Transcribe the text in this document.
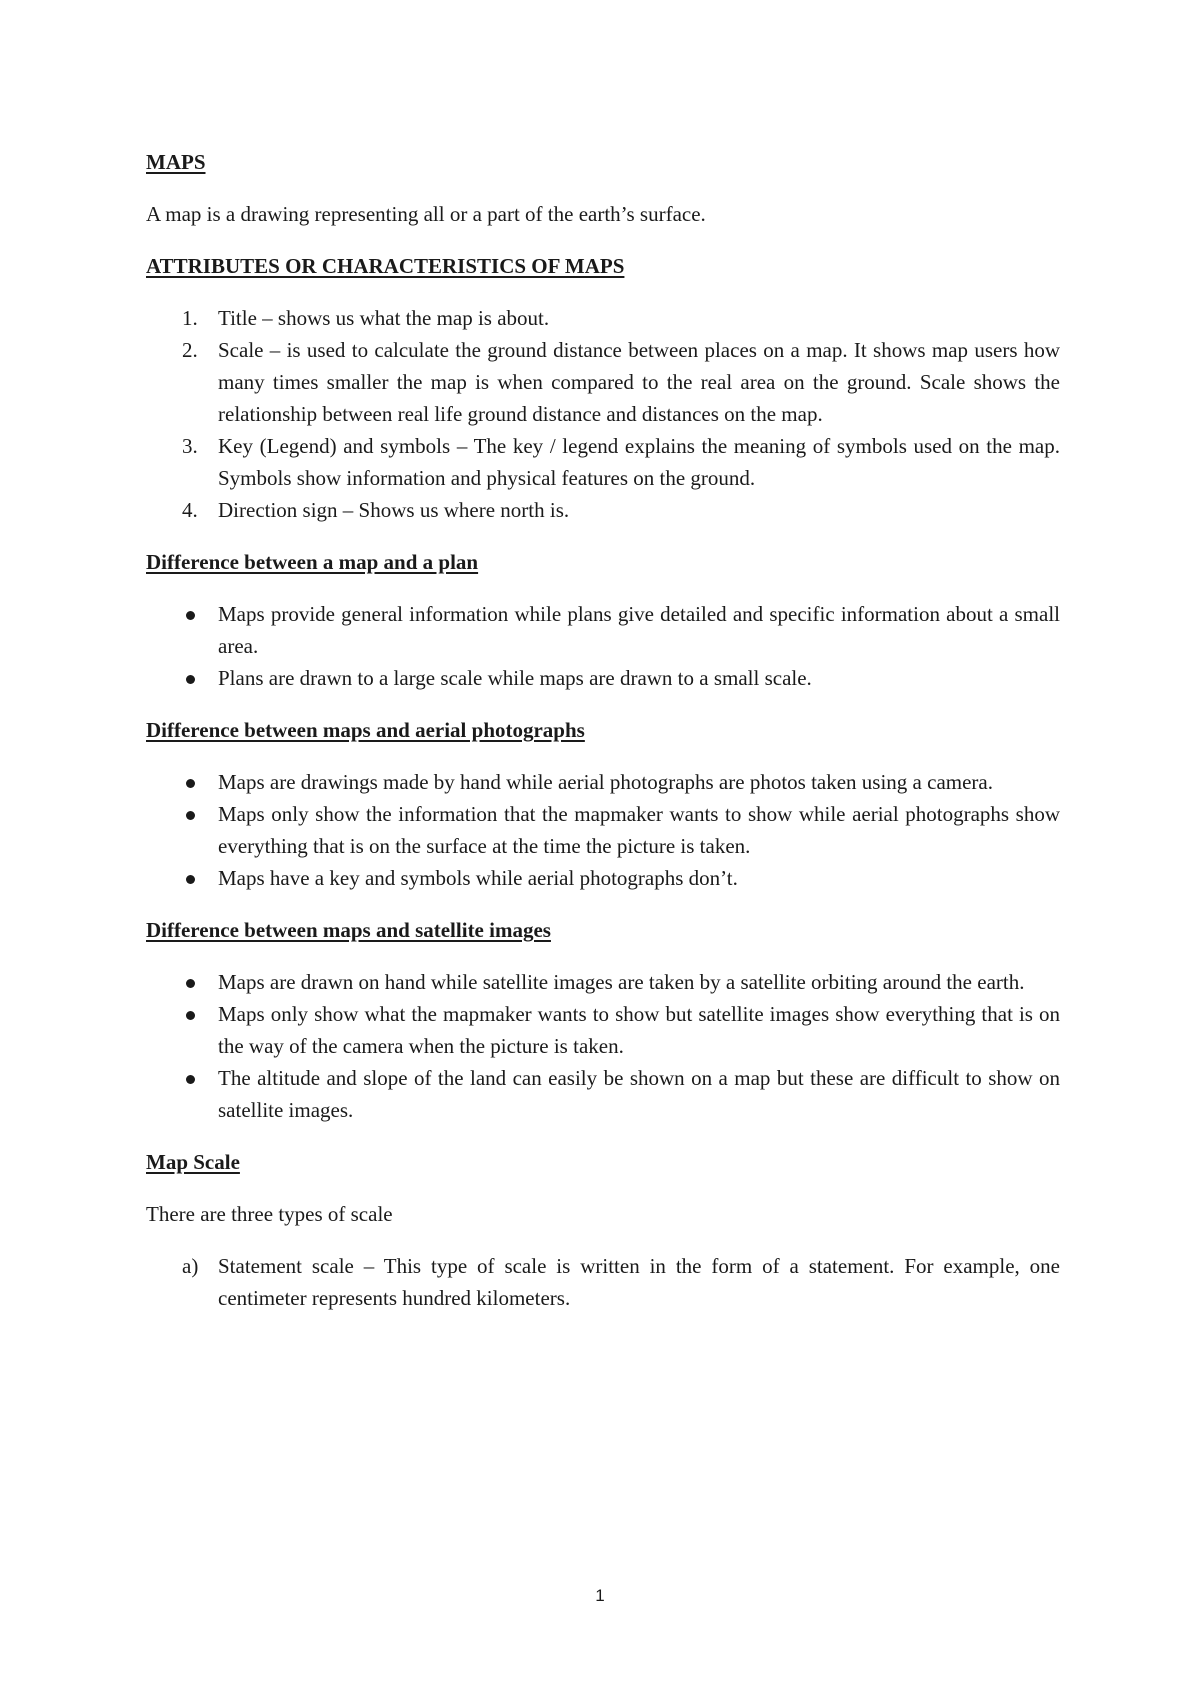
MAPS
A map is a drawing representing all or a part of the earth’s surface.
ATTRIBUTES OR CHARACTERISTICS OF MAPS
1. Title – shows us what the map is about.
2. Scale – is used to calculate the ground distance between places on a map. It shows map users how many times smaller the map is when compared to the real area on the ground. Scale shows the relationship between real life ground distance and distances on the map.
3. Key (Legend) and symbols – The key / legend explains the meaning of symbols used on the map. Symbols show information and physical features on the ground.
4. Direction sign – Shows us where north is.
Difference between a map and a plan
Maps provide general information while plans give detailed and specific information about a small area.
Plans are drawn to a large scale while maps are drawn to a small scale.
Difference between maps and aerial photographs
Maps are drawings made by hand while aerial photographs are photos taken using a camera.
Maps only show the information that the mapmaker wants to show while aerial photographs show everything that is on the surface at the time the picture is taken.
Maps have a key and symbols while aerial photographs don’t.
Difference between maps and satellite images
Maps are drawn on hand while satellite images are taken by a satellite orbiting around the earth.
Maps only show what the mapmaker wants to show but satellite images show everything that is on the way of the camera when the picture is taken.
The altitude and slope of the land can easily be shown on a map but these are difficult to show on satellite images.
Map Scale
There are three types of scale
a) Statement scale – This type of scale is written in the form of a statement. For example, one centimeter represents hundred kilometers.
1
